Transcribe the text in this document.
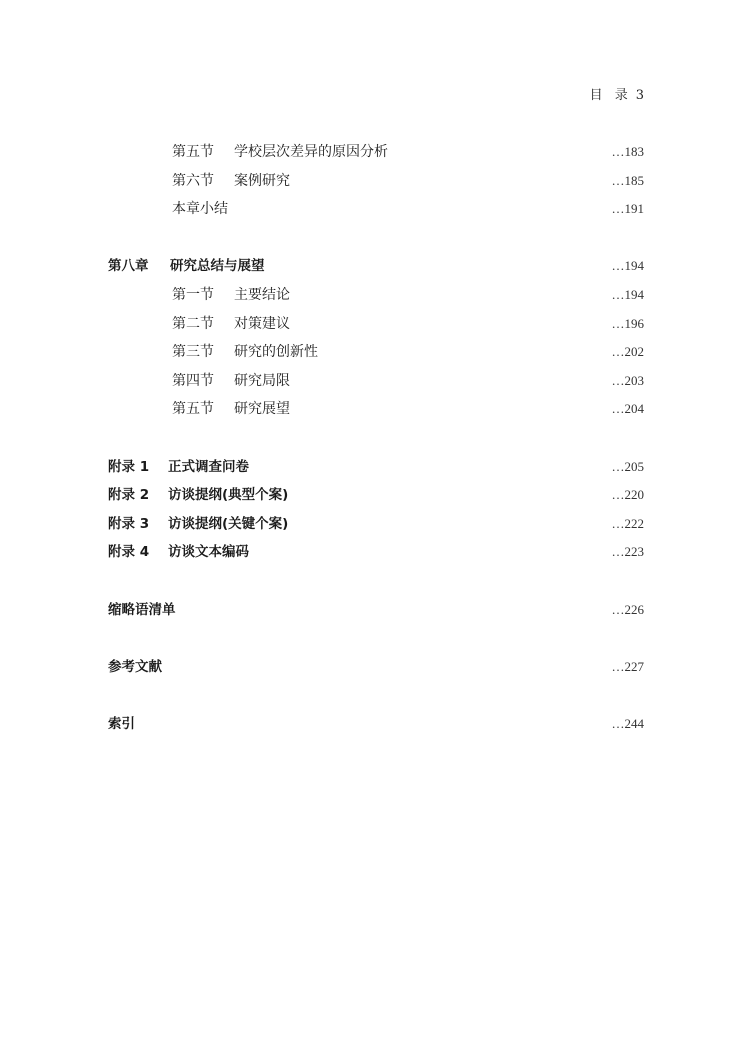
目 录 3
第五节 学校层次差异的原因分析	…183
第六节 案例研究	…185
本章小结	…191
第八章 研究总结与展望	…194
第一节 主要结论	…194
第二节 对策建议	…196
第三节 研究的创新性	…202
第四节 研究局限	…203
第五节 研究展望	…204
附录 1 正式调查问卷	…205
附录 2 访谈提纲(典型个案)	…220
附录 3 访谈提纲(关键个案)	…222
附录 4 访谈文本编码	…223
缩略语清单	…226
参考文献	…227
索引	…244
